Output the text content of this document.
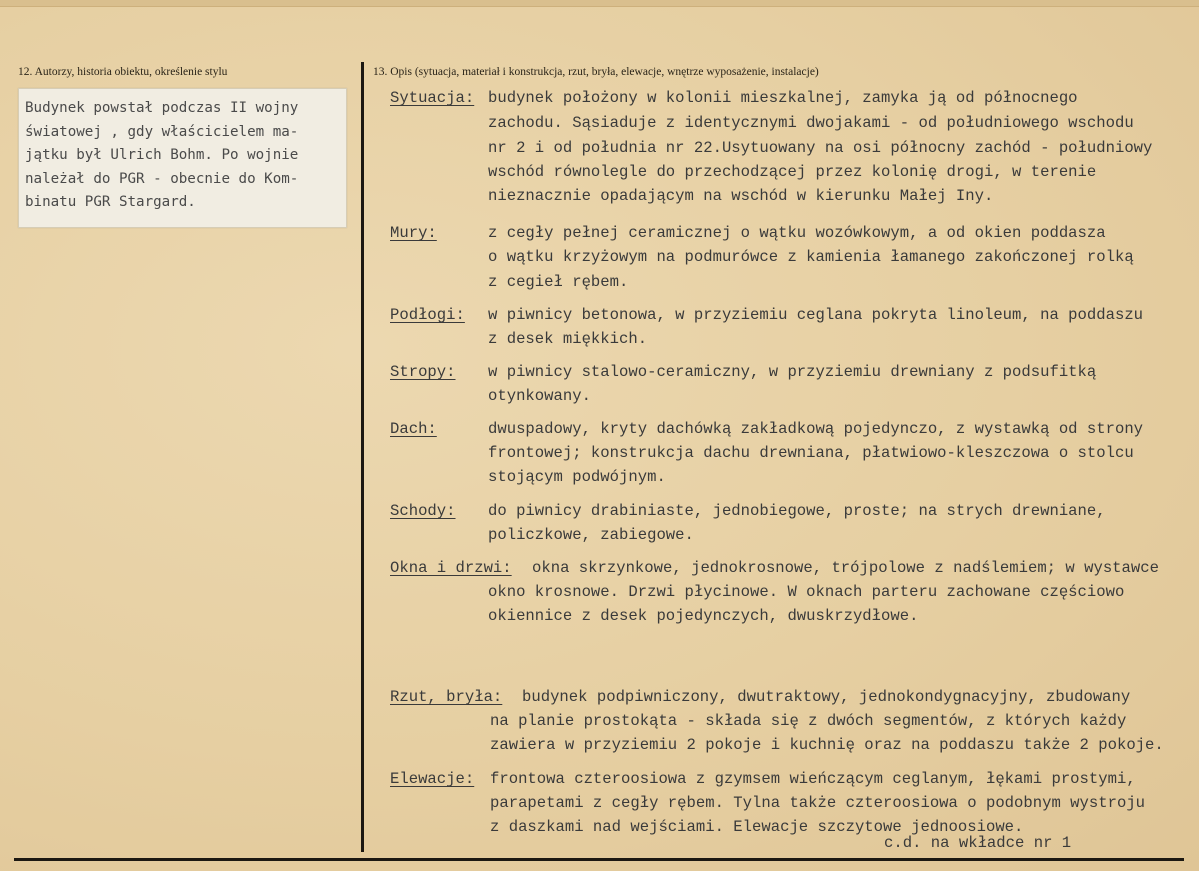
12. Autorzy, historia obiektu, określenie stylu	13. Opis (sytuacja, materiał i konstrukcja, rzut, bryła, elewacje, wnętrze wyposażenie, instalacje)
Budynek powstał podczas II wojny
światowej , gdy właścicielem ma-
jątku był Ulrich Bohm. Po wojnie
należał do PGR - obecnie do Kom-
binatu PGR Stargard.
Sytuacja: budynek położony w kolonii mieszkalnej, zamyka ją od północnego
zachodu. Sąsiaduje z identycznymi dwojakami - od południowego wschodu
nr 2 i od południa nr 22.Usytuowany na osi północny zachód - południowy
wschód równolegle do przechodzącej przez kolonię drogi, w terenie
nieznacznie opadającym na wschód w kierunku Małej Iny.
Mury:	z cegły pełnej ceramicznej o wątku wozówkowym, a od okien poddasza
o wątku krzyżowym na podmurówce z kamienia łamanego zakończonej rolką
z cegieł rębem.
Podłogi: w piwnicy betonowa, w przyziemiu ceglana pokryta linoleum, na poddaszu
z desek miękkich.
Stropy: w piwnicy stalowo-ceramiczny, w przyziemiu drewniany z podsufitką
otynkowany.
Dach:	dwuspadowy, kryty dachówką zakładkową pojedynczo, z wystawką od strony
frontowej; konstrukcja dachu drewniana, płatwiowo-kleszczowa o stolcu
stojącym podwójnym.
Schody: do piwnicy drabiniaste, jednobiegowe, proste; na strych drewniane,
policzkowe, zabiegowe.
Okna i drzwi: okna skrzynkowe, jednokrosnowe, trójpolowe z nadślemiem; w wystawce
okno krosnowe. Drzwi płycinowe. W oknach parteru zachowane częściowo
okiennice z desek pojedynczych, dwuskrzydłowe.
Rzut, bryła: budynek podpiwniczony, dwutraktowy, jednokondygnacyjny, zbudowany
na planie prostokąta - składa się z dwóch segmentów, z których każdy
zawiera w przyziemiu 2 pokoje i kuchnię oraz na poddaszu także 2 pokoje.
Elewacje: frontowa czteroosiowa z gzymsem wieńczącym ceglanym, łękami prostymi,
parapetami z cegły rębem. Tylna także czteroosiowa o podobnym wystroju
z daszkami nad wejściami. Elewacje szczytowe jednoosiowe.
c.d. na wkładce nr 1
